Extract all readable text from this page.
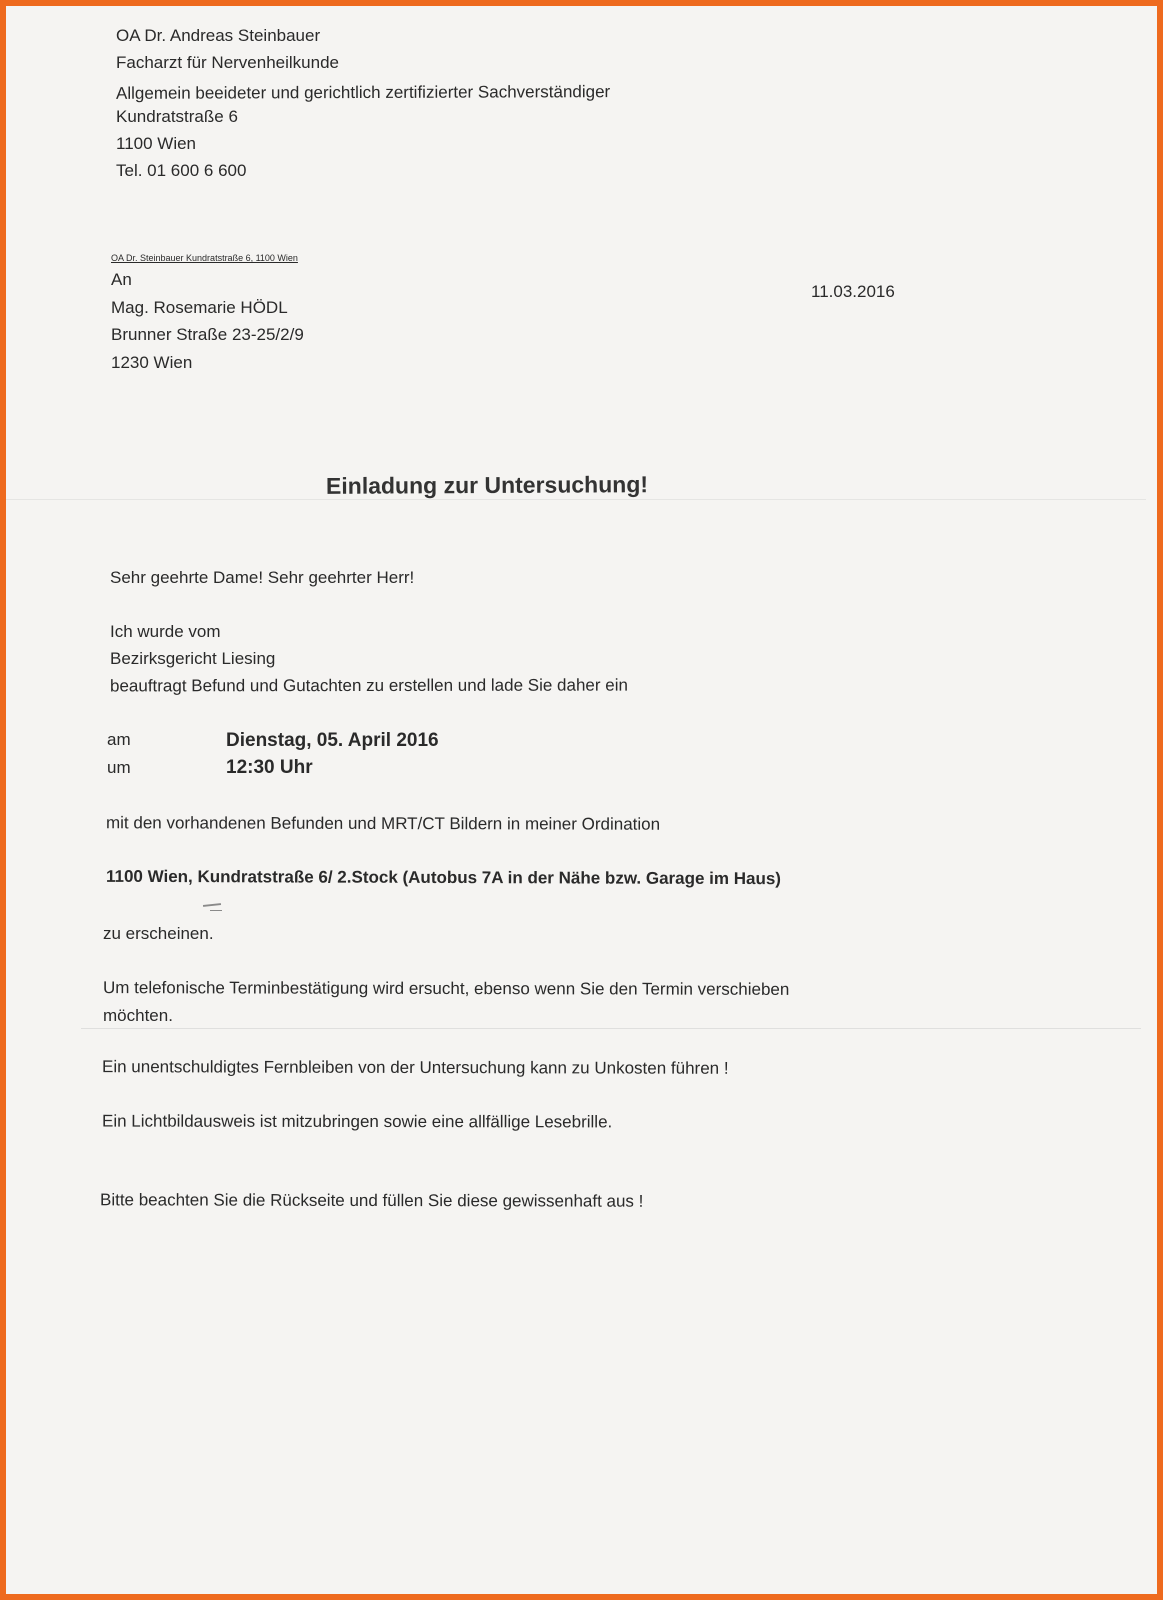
OA Dr. Andreas Steinbauer
Facharzt für Nervenheilkunde
Allgemein beeideter und gerichtlich zertifizierter Sachverständiger
Kundratstraße 6
1100 Wien
Tel. 01 600 6 600
OA Dr. Steinbauer Kundratstraße 6, 1100 Wien
An
Mag. Rosemarie HÖDL
Brunner Straße 23-25/2/9
1230 Wien
11.03.2016
Einladung zur Untersuchung!
Sehr geehrte Dame! Sehr geehrter Herr!
Ich wurde vom
Bezirksgericht Liesing
beauftragt Befund und Gutachten zu erstellen und lade Sie daher ein
am	Dienstag, 05. April 2016
um	12:30 Uhr
mit den vorhandenen Befunden und MRT/CT Bildern in meiner Ordination
1100 Wien, Kundratstraße 6/ 2.Stock (Autobus 7A in der Nähe bzw. Garage im Haus)
zu erscheinen.
Um telefonische Terminbestätigung wird ersucht, ebenso wenn Sie den Termin verschieben
möchten.
Ein unentschuldigtes Fernbleiben von der Untersuchung kann zu Unkosten führen !
Ein Lichtbildausweis ist mitzubringen sowie eine allfällige Lesebrille.
Bitte beachten Sie die Rückseite und füllen Sie diese gewissenhaft aus !
